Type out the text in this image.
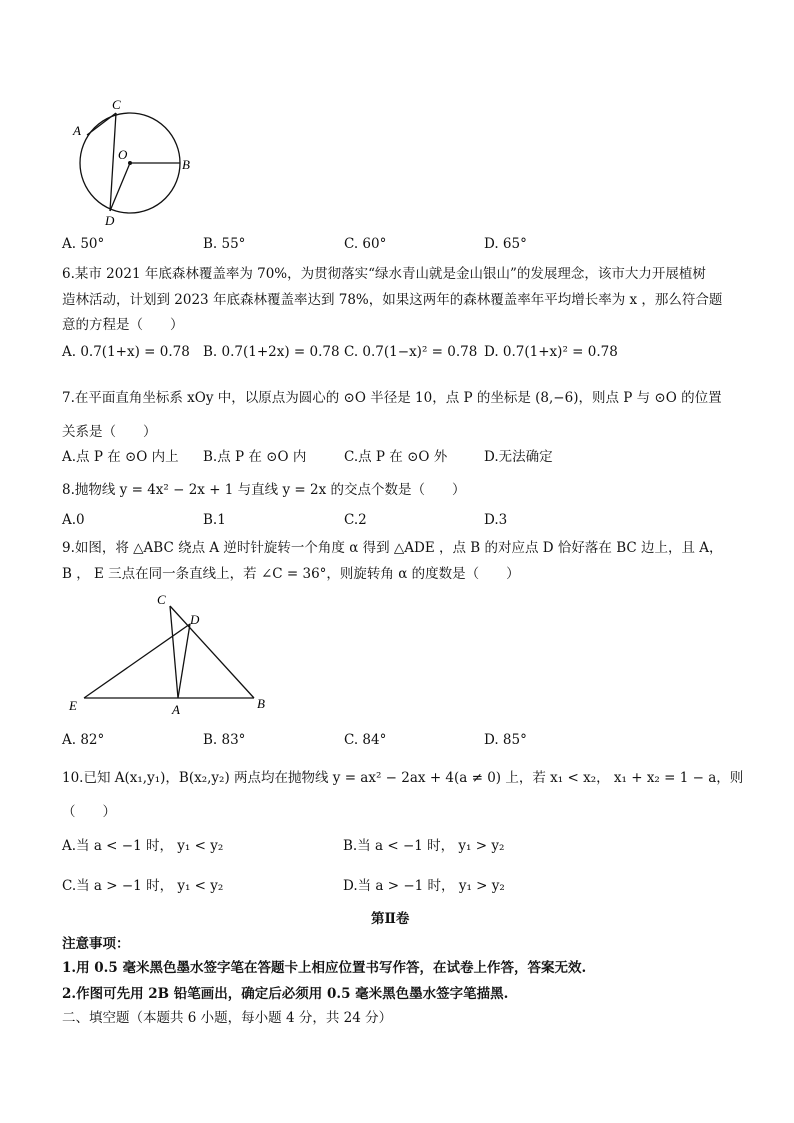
C
A
O
B
D
A. 50°	B. 55°	C. 60°	D. 65°
6.某市 2021 年底森林覆盖率为 70%，为贯彻落实“绿水青山就是金山银山”的发展理念，该市大力开展植树
造林活动，计划到 2023 年底森林覆盖率达到 78%，如果这两年的森林覆盖率年平均增长率为 x ，那么符合题
意的方程是（　　）
A. 0.7(1+x) = 0.78 B. 0.7(1+2x) = 0.78 C. 0.7(1−x)² = 0.78 D. 0.7(1+x)² = 0.78
7.在平面直角坐标系 xOy 中，以原点为圆心的 ⊙O 半径是 10，点 P 的坐标是 (8,−6)，则点 P 与 ⊙O 的位置
关系是（　　）
A.点 P 在 ⊙O 内上 B.点 P 在 ⊙O 内	C.点 P 在 ⊙O 外	D.无法确定
8.抛物线 y = 4x² − 2x + 1 与直线 y = 2x 的交点个数是（　　）
A.0	B.1	C.2	D.3
9.如图，将 △ABC 绕点 A 逆时针旋转一个角度 α 得到 △ADE ，点 B 的对应点 D 恰好落在 BC 边上，且 A，
B ， E 三点在同一条直线上，若 ∠C = 36°，则旋转角 α 的度数是（　　）
C
D
E	A	B
A. 82°	B. 83°	C. 84°	D. 85°
10.已知 A(x₁,y₁)，B(x₂,y₂) 两点均在抛物线 y = ax² − 2ax + 4(a ≠ 0) 上，若 x₁ < x₂， x₁ + x₂ = 1 − a，则
（　　）
A.当 a < −1 时， y₁ < y₂	B.当 a < −1 时， y₁ > y₂
C.当 a > −1 时， y₁ < y₂	D.当 a > −1 时， y₁ > y₂
第Ⅱ卷
注意事项：
1.用 0.5 毫米黑色墨水签字笔在答题卡上相应位置书写作答，在试卷上作答，答案无效.
2.作图可先用 2B 铅笔画出，确定后必须用 0.5 毫米黑色墨水签字笔描黑.
二、填空题（本题共 6 小题，每小题 4 分，共 24 分）
